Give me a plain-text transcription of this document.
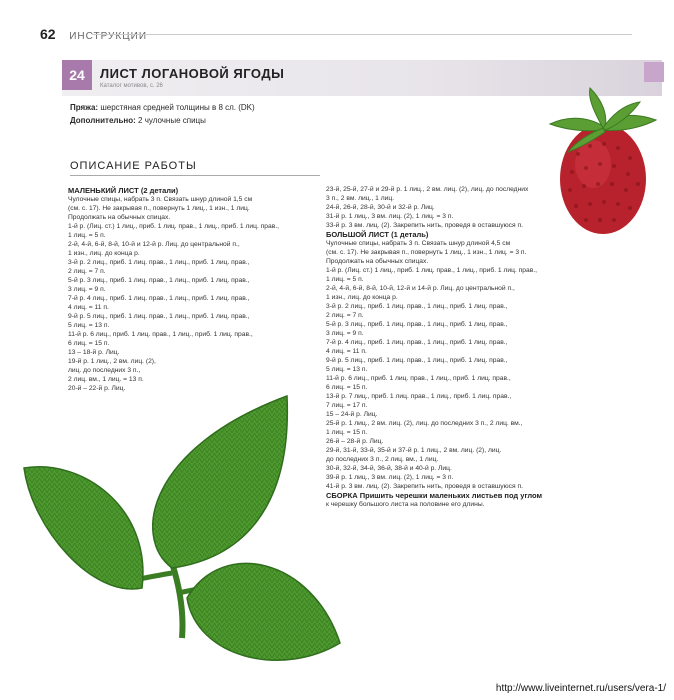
62 ИНСТРУКЦИИ
24	ЛИСТ ЛОГАНОВОЙ ЯГОДЫ
Каталог мотивов, с. 26
Пряжа: шерстяная средней толщины в 8 сл. (DK)
Дополнительно: 2 чулочные спицы
ОПИСАНИЕ РАБОТЫ
МАЛЕНЬКИЙ ЛИСТ (2 детали)
Чулочные спицы, набрать 3 п. Связать шнур длиной 1,5 см
(см. с. 17). Не закрывая п., повернуть 1 лиц., 1 изн., 1 лиц.
Продолжать на обычных спицах.
1-й р. (Лиц. ст.) 1 лиц., приб. 1 лиц. прав., 1 лиц., приб. 1 лиц. прав.,
1 лиц. = 5 п.
2-й, 4-й, 6-й, 8-й, 10-й и 12-й р. Лиц. до центральной п.,
1 изн., лиц. до конца р.
3-й р. 2 лиц., приб. 1 лиц. прав., 1 лиц., приб. 1 лиц. прав.,
2 лиц. = 7 п.
5-й р. 3 лиц., приб. 1 лиц. прав., 1 лиц., приб. 1 лиц. прав.,
3 лиц. = 9 п.
7-й р. 4 лиц., приб. 1 лиц. прав., 1 лиц., приб. 1 лиц. прав.,
4 лиц. = 11 п.
9-й р. 5 лиц., приб. 1 лиц. прав., 1 лиц., приб. 1 лиц. прав.,
5 лиц. = 13 п.
11-й р. 6 лиц., приб. 1 лиц. прав., 1 лиц., приб. 1 лиц. прав.,
6 лиц. = 15 п.
13 – 18-й р. Лиц.
19-й р. 1 лиц., 2 вм. лиц. (2),
лиц. до последних 3 п.,
2 лиц. вм., 1 лиц. = 13 п.
20-й – 22-й р. Лиц.
23-й, 25-й, 27-й и 29-й р. 1 лиц., 2 вм. лиц. (2), лиц. до последних
3 п., 2 вм. лиц., 1 лиц.
24-й, 26-й, 28-й, 30-й и 32-й р. Лиц.
31-й р. 1 лиц., 3 вм. лиц. (2), 1 лиц. = 3 п.
33-й р. 3 вм. лиц. (2). Закрепить нить, проведя в оставшуюся п.
БОЛЬШОЙ ЛИСТ (1 деталь)
Чулочные спицы, набрать 3 п. Связать шнур длиной 4,5 см
(см. с. 17). Не закрывая п., повернуть 1 лиц., 1 изн., 1 лиц. = 3 п.
Продолжать на обычных спицах.
1-й р. (Лиц. ст.) 1 лиц., приб. 1 лиц. прав., 1 лиц., приб. 1 лиц. прав.,
1 лиц. = 5 п.
2-й, 4-й, 6-й, 8-й, 10-й, 12-й и 14-й р. Лиц. до центральной п.,
1 изн., лиц. до конца р.
3-й р. 2 лиц., приб. 1 лиц. прав., 1 лиц., приб. 1 лиц. прав.,
2 лиц. = 7 п.
5-й р. 3 лиц., приб. 1 лиц. прав., 1 лиц., приб. 1 лиц. прав.,
3 лиц. = 9 п.
7-й р. 4 лиц., приб. 1 лиц. прав., 1 лиц., приб. 1 лиц. прав.,
4 лиц. = 11 п.
9-й р. 5 лиц., приб. 1 лиц. прав., 1 лиц., приб. 1 лиц. прав.,
5 лиц. = 13 п.
11-й р. 6 лиц., приб. 1 лиц. прав., 1 лиц., приб. 1 лиц. прав.,
6 лиц. = 15 п.
13-й р. 7 лиц., приб. 1 лиц. прав., 1 лиц., приб. 1 лиц. прав.,
7 лиц. = 17 п.
15 – 24-й р. Лиц.
25-й р. 1 лиц., 2 вм. лиц. (2), лиц. до последних 3 п., 2 лиц. вм.,
1 лиц. = 15 п.
26-й – 28-й р. Лиц.
29-й, 31-й, 33-й, 35-й и 37-й р. 1 лиц., 2 вм. лиц. (2), лиц.
до последних 3 п., 2 лиц. вм., 1 лиц.
30-й, 32-й, 34-й, 36-й, 38-й и 40-й р. Лиц.
39-й р. 1 лиц., 3 вм. лиц. (2), 1 лиц. = 3 п.
41-й р. 3 вм. лиц. (2). Закрепить нить, проведя в оставшуюся п.
СБОРКА Пришить черешки маленьких листьев под углом
к черешку большого листа на половине его длины.
http://www.liveinternet.ru/users/vera-1/
